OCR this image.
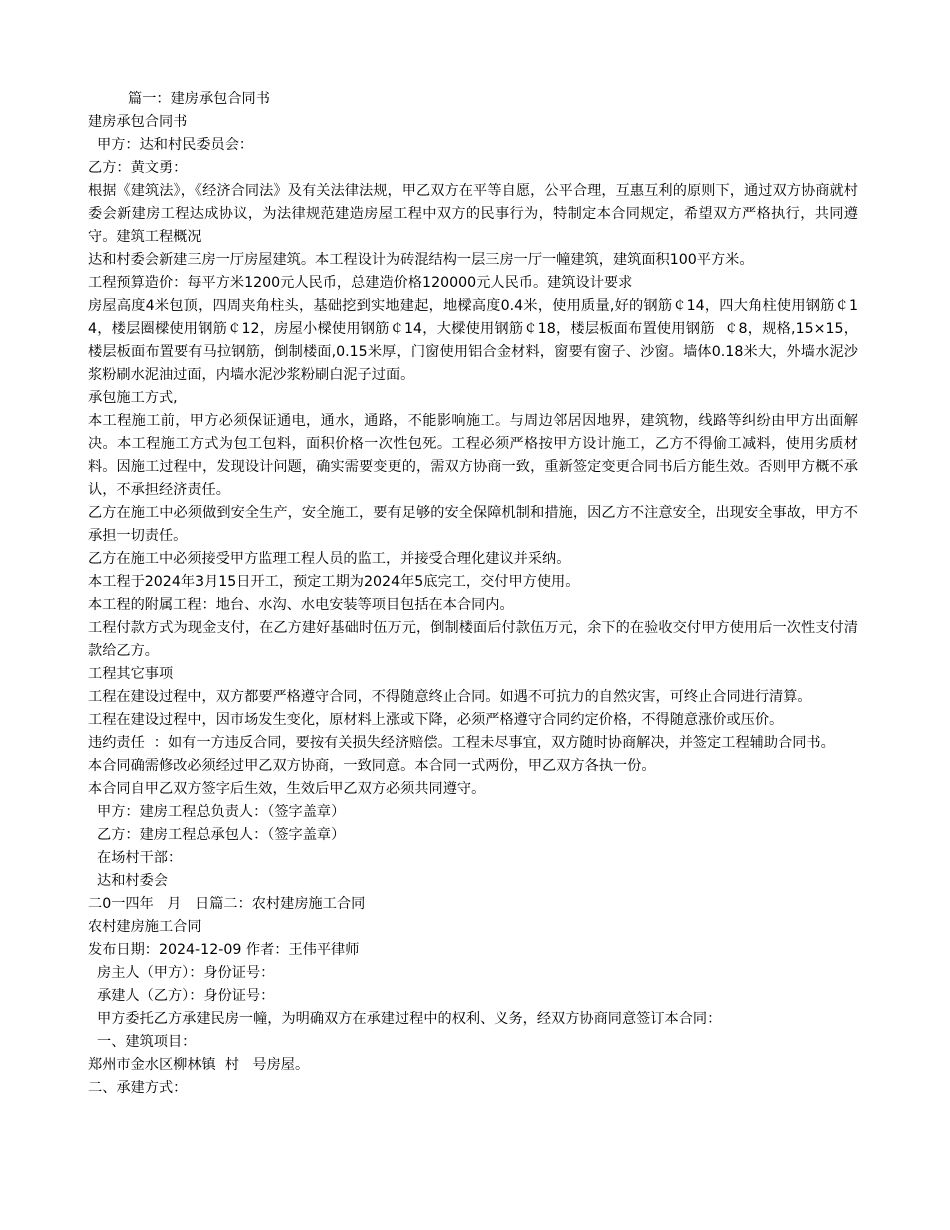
篇一：建房承包合同书

建房承包合同书

甲方：达和村民委员会：

乙方：黄文勇：

根据《建筑法》，《经济合同法》及有关法律法规，甲乙双方在平等自愿，公平合理，互惠互利的原则下，通过双方协商就村委会新建房工程达成协议，为法律规范建造房屋工程中双方的民事行为，特制定本合同规定，希望双方严格执行，共同遵守。建筑工程概况

达和村委会新建三房一厅房屋建筑。本工程设计为砖混结构一层三房一厅一幢建筑，建筑面积100平方米。

工程预算造价：每平方米1200元人民币，总建造价格120000元人民币。建筑设计要求

房屋高度4米包顶，四周夹角柱头，基础挖到实地建起，地樑高度0.4米，使用质量,好的钢筋￠14，四大角柱使用钢筋￠14，楼层圈樑使用钢筋￠12，房屋小樑使用钢筋￠14，大樑使用钢筋￠18，楼层板面布置使用钢筋  ￠8，规格,15×15，楼层板面布置要有马拉钢筋，倒制楼面,0.15米厚，门窗使用铝合金材料，窗要有窗子、沙窗。墙体0.18米大，外墙水泥沙浆粉刷水泥油过面，内墙水泥沙浆粉刷白泥子过面。

承包施工方式,

本工程施工前，甲方必须保证通电，通水，通路，不能影响施工。与周边邻居因地界，建筑物，线路等纠纷由甲方出面解决。本工程施工方式为包工包料，面积价格一次性包死。工程必须严格按甲方设计施工，乙方不得偷工减料，使用劣质材料。因施工过程中，发现设计问题，确实需要变更的，需双方协商一致，重新签定变更合同书后方能生效。否则甲方概不承认，不承担经济责任。

乙方在施工中必须做到安全生产，安全施工，要有足够的安全保障机制和措施，因乙方不注意安全，出现安全事故，甲方不承担一切责任。

乙方在施工中必须接受甲方监理工程人员的监工，并接受合理化建议并采纳。

本工程于2024年3月15日开工，预定工期为2024年5底完工，交付甲方使用。

本工程的附属工程：地台、水沟、水电安装等项目包括在本合同内。

工程付款方式为现金支付，在乙方建好基础时伍万元，倒制楼面后付款伍万元，余下的在验收交付甲方使用后一次性支付清款给乙方。

工程其它事项

工程在建设过程中，双方都要严格遵守合同，不得随意终止合同。如遇不可抗力的自然灾害，可终止合同进行清算。

工程在建设过程中，因市场发生变化，原材料上涨或下降，必须严格遵守合同约定价格，不得随意涨价或压价。

违约责任  ：如有一方违反合同，要按有关损失经济赔偿。工程未尽事宜，双方随时协商解决，并签定工程辅助合同书。

本合同确需修改必须经过甲乙双方协商，一致同意。本合同一式两份，甲乙双方各执一份。

本合同自甲乙双方签字后生效，生效后甲乙双方必须共同遵守。

甲方：建房工程总负责人：（签字盖章）

乙方：建房工程总承包人：（签字盖章）

在场村干部：

达和村委会

二0一四年   月   日篇二：农村建房施工合同

农村建房施工合同

发布日期：2024-12-09 作者：王伟平律师

房主人（甲方）：身份证号：

承建人（乙方）：身份证号：

甲方委托乙方承建民房一幢，为明确双方在承建过程中的权利、义务，经双方协商同意签订本合同：

一、建筑项目：

郑州市金水区柳林镇  村   号房屋。

二、承建方式：
